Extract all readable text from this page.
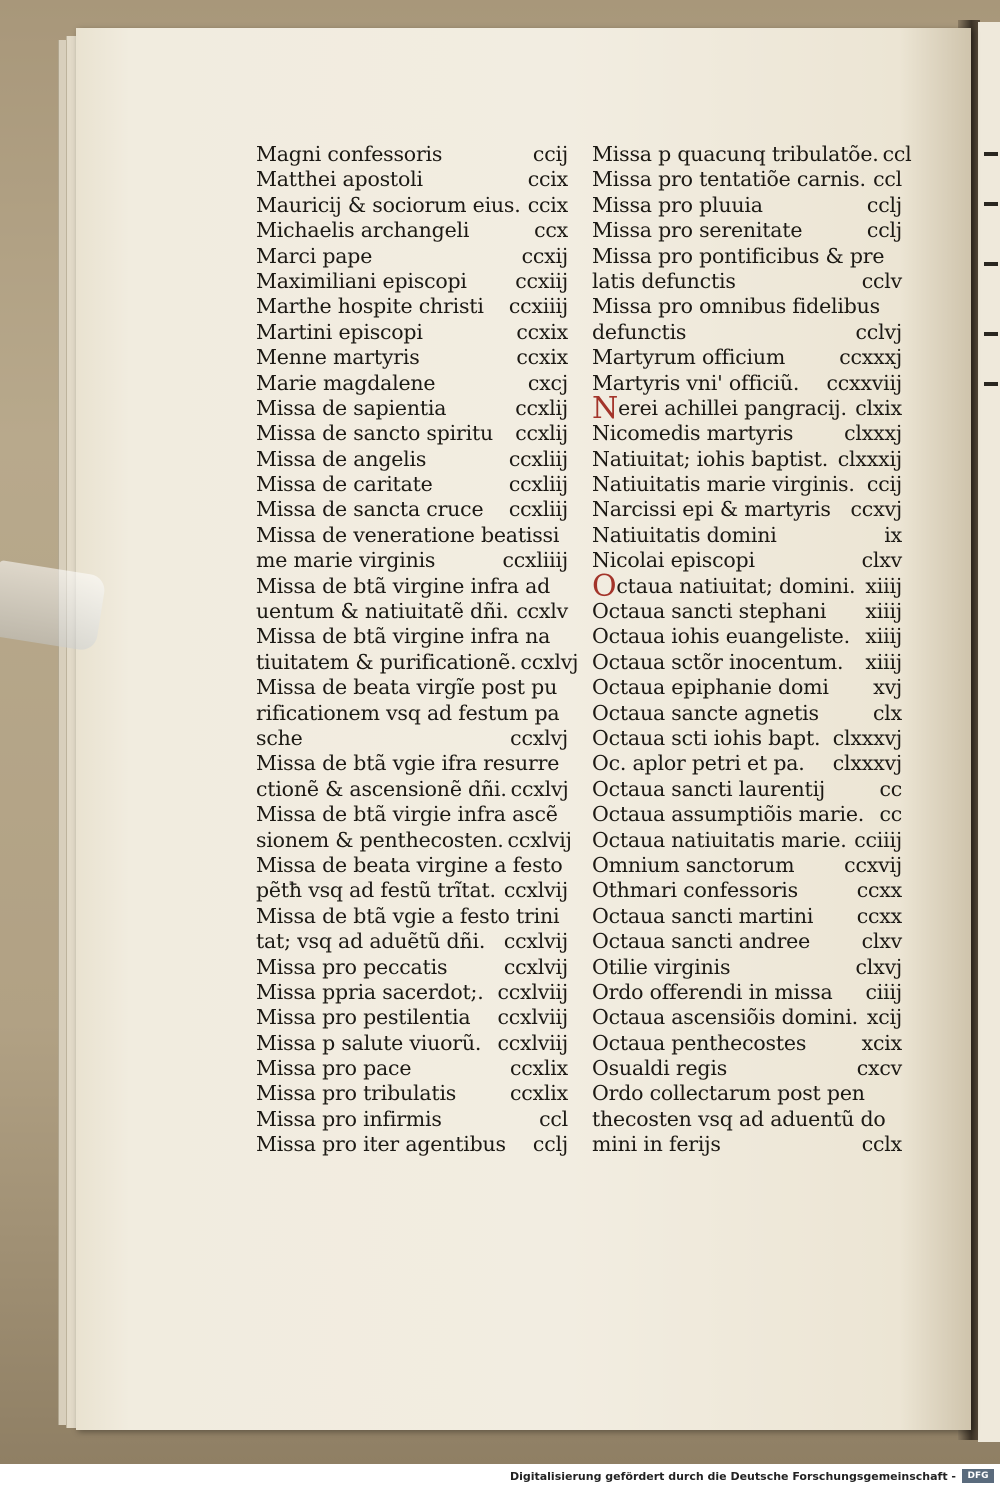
Magni confessoris	ccij
Matthei apostoli	ccix
Mauricij & sociorum eius. ccix
Michaelis archangeli	ccx
Marci pape	ccxij
Maximiliani episcopi ccxiij
Marthe hospite christi ccxiiij
Martini episcopi	ccxix
Menne martyris	ccxix
Marie magdalene	cxcj
Missa de sapientia	ccxlij
Missa de sancto spiritu ccxlij
Missa de angelis	ccxliij
Missa de caritate	ccxliij
Missa de sancta cruce ccxliij
Missa de veneratione beatissi
me marie virginis	ccxliiij
Missa de btã virgine infra ad
uentum & natiuitatẽ dñi. ccxlv
Missa de btã virgine infra na
tiuitatem & purificationẽ. ccxlvj
Missa de beata virgĩe post pu
rificationem vsq ad festum pa
sche	ccxlvj
Missa de btã vgie ifra resurre
ctionẽ & ascensionẽ dñi. ccxlvj
Missa de btã virgie infra ascẽ
sionem & penthecosten. ccxlvij
Missa de beata virgine a festo
pẽtħ vsq ad festũ trĩtat. ccxlvij
Missa de btã vgie a festo trini
tat; vsq ad aduẽtũ dñi. ccxlvij
Missa pro peccatis	ccxlvij
Missa ppria sacerdot;. ccxlviij
Missa pro pestilentia ccxlviij
Missa p salute viuorũ. ccxlviij
Missa pro pace	ccxlix
Missa pro tribulatis	ccxlix
Missa pro infirmis	ccl
Missa pro iter agentibus cclj
Missa p quacunq tribulatõe. ccl
Missa pro tentatiõe carnis. ccl
Missa pro pluuia	cclj
Missa pro serenitate	cclj
Missa pro pontificibus & pre
latis defunctis	cclv
Missa pro omnibus fidelibus
defunctis	cclvj
Martyrum officium	ccxxxj
Martyris vni' officiũ. ccxxviij
Nerei achillei pangracij. clxix
Nicomedis martyris clxxxj
Natiuitat; iohis baptist. clxxxij
Natiuitatis marie virginis. ccij
Narcissi epi & martyris ccxvj
Natiuitatis domini	ix
Nicolai episcopi	clxv
Octaua natiuitat; domini. xiiij
Octaua sancti stephani xiiij
Octaua iohis euangeliste. xiiij
Octaua sctõr inocentum. xiiij
Octaua epiphanie domi xvj
Octaua sancte agnetis	clx
Octaua scti iohis bapt. clxxxvj
Oc. aplor petri et pa. clxxxvj
Octaua sancti laurentij	cc
Octaua assumptiõis marie. cc
Octaua natiuitatis marie. cciiij
Omnium sanctorum ccxvij
Othmari confessoris	ccxx
Octaua sancti martini ccxx
Octaua sancti andree	clxv
Otilie virginis	clxvj
Ordo offerendi in missa ciiij
Octaua ascensiõis domini. xcij
Octaua penthecostes	xcix
Osualdi regis	cxcv
Ordo collectarum post pen
thecosten vsq ad aduentũ do
mini in ferijs	cclx
Digitalisierung gefördert durch die Deutsche Forschungsgemeinschaft -	DFG
